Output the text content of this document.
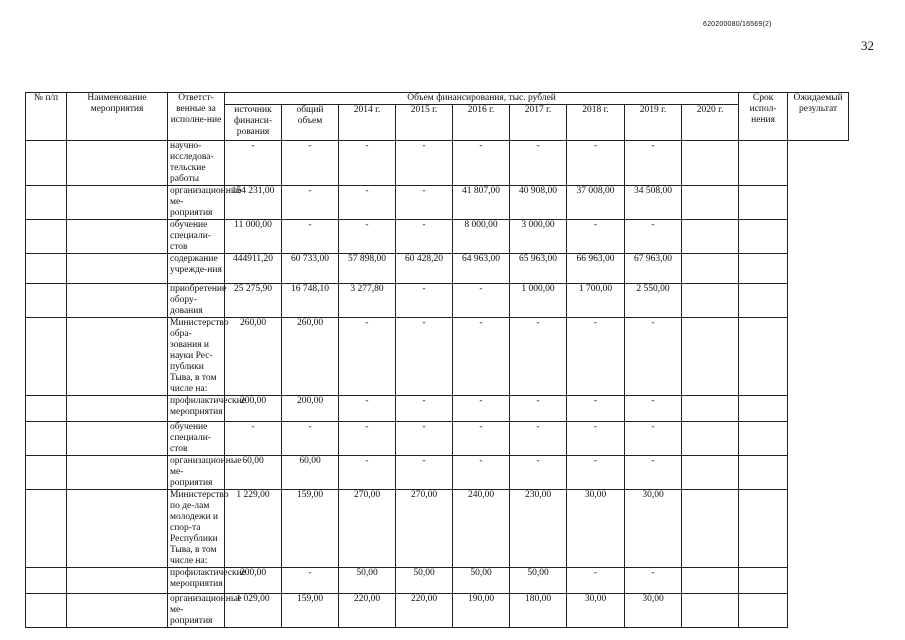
620200080/16569(2)
32
№ п/п	Наименование мероприятия	Ответст-венные за исполне-ние	Объем финансирования, тыс. рублей									Срок испол-нения	Ожидаемый результат
			источник финанси-рования	общий объем	2014 г.	2015 г.	2016 г.	2017 г.	2018 г.	2019 г.	2020 г.		
		научно-исследова-тельские работы	-	-	-	-	-	-	-	-			
		организационные ме-роприятия	154 231,00	-	-	-	41 807,00	40 908,00	37 008,00	34 508,00			
		обучение специали-стов	11 000,00	-	-	-	8 000,00	3 000,00	-	-			
		содержание учрежде-ния	444911,20	60 733,00	57 898,00	60 428,20	64 963,00	65 963,00	66 963,00	67 963,00			
		приобретение обору-дования	25 275,90	16 748,10	3 277,80	-	-	1 000,00	1 700,00	2 550,00			
		Министерство обра-зования и науки Рес-публики Тыва, в том числе на:	260,00	260,00	-	-	-	-	-	-			
		профилактические мероприятия	200,00	200,00	-	-	-	-	-	-			
		обучение специали-стов	-	-	-	-	-	-	-	-			
		организационные ме-роприятия	60,00	60,00	-	-	-	-	-	-			
		Министерство по де-лам молодежи и спор-та Республики Тыва, в том числе на:	1 229,00	159,00	270,00	270,00	240,00	230,00	30,00	30,00			
		профилактические мероприятия	200,00	-	50,00	50,00	50,00	50,00	-	-			
		организационные ме-роприятия	1 029,00	159,00	220,00	220,00	190,00	180,00	30,00	30,00			
